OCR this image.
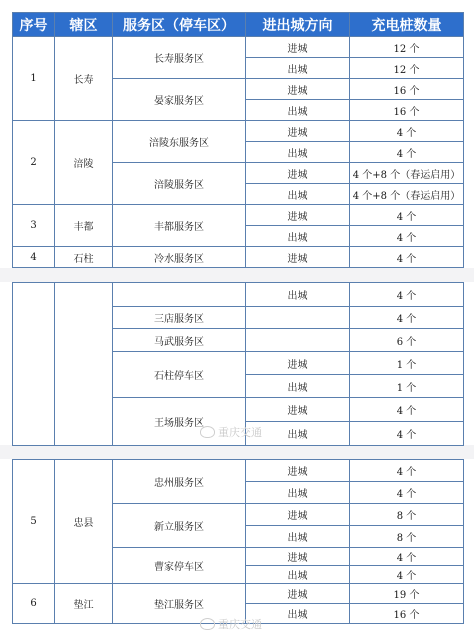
序号	辖区	服务区（停车区）	进出城方向	充电桩数量
1	长寿	长寿服务区	进城	12 个
			出城	12 个
		晏家服务区	进城	16 个
			出城	16 个
2	涪陵	涪陵东服务区	进城	4 个
			出城	4 个
		涪陵服务区	进城	4 个+8 个（春运启用）
			出城	4 个+8 个（春运启用）
3	丰都	丰都服务区	进城	4 个
			出城	4 个
4	石柱	冷水服务区	进城	4 个
			出城	4 个
		三店服务区		4 个
		马武服务区		6 个
		石柱停车区	进城	1 个
			出城	1 个
		王场服务区	进城	4 个
			出城	4 个
5	忠县	忠州服务区	进城	4 个
			出城	4 个
		新立服务区	进城	8 个
			出城	8 个
		曹家停车区	进城	4 个
			出城	4 个
6	垫江	垫江服务区	进城	19 个
			出城	16 个
重庆交通
重庆交通
